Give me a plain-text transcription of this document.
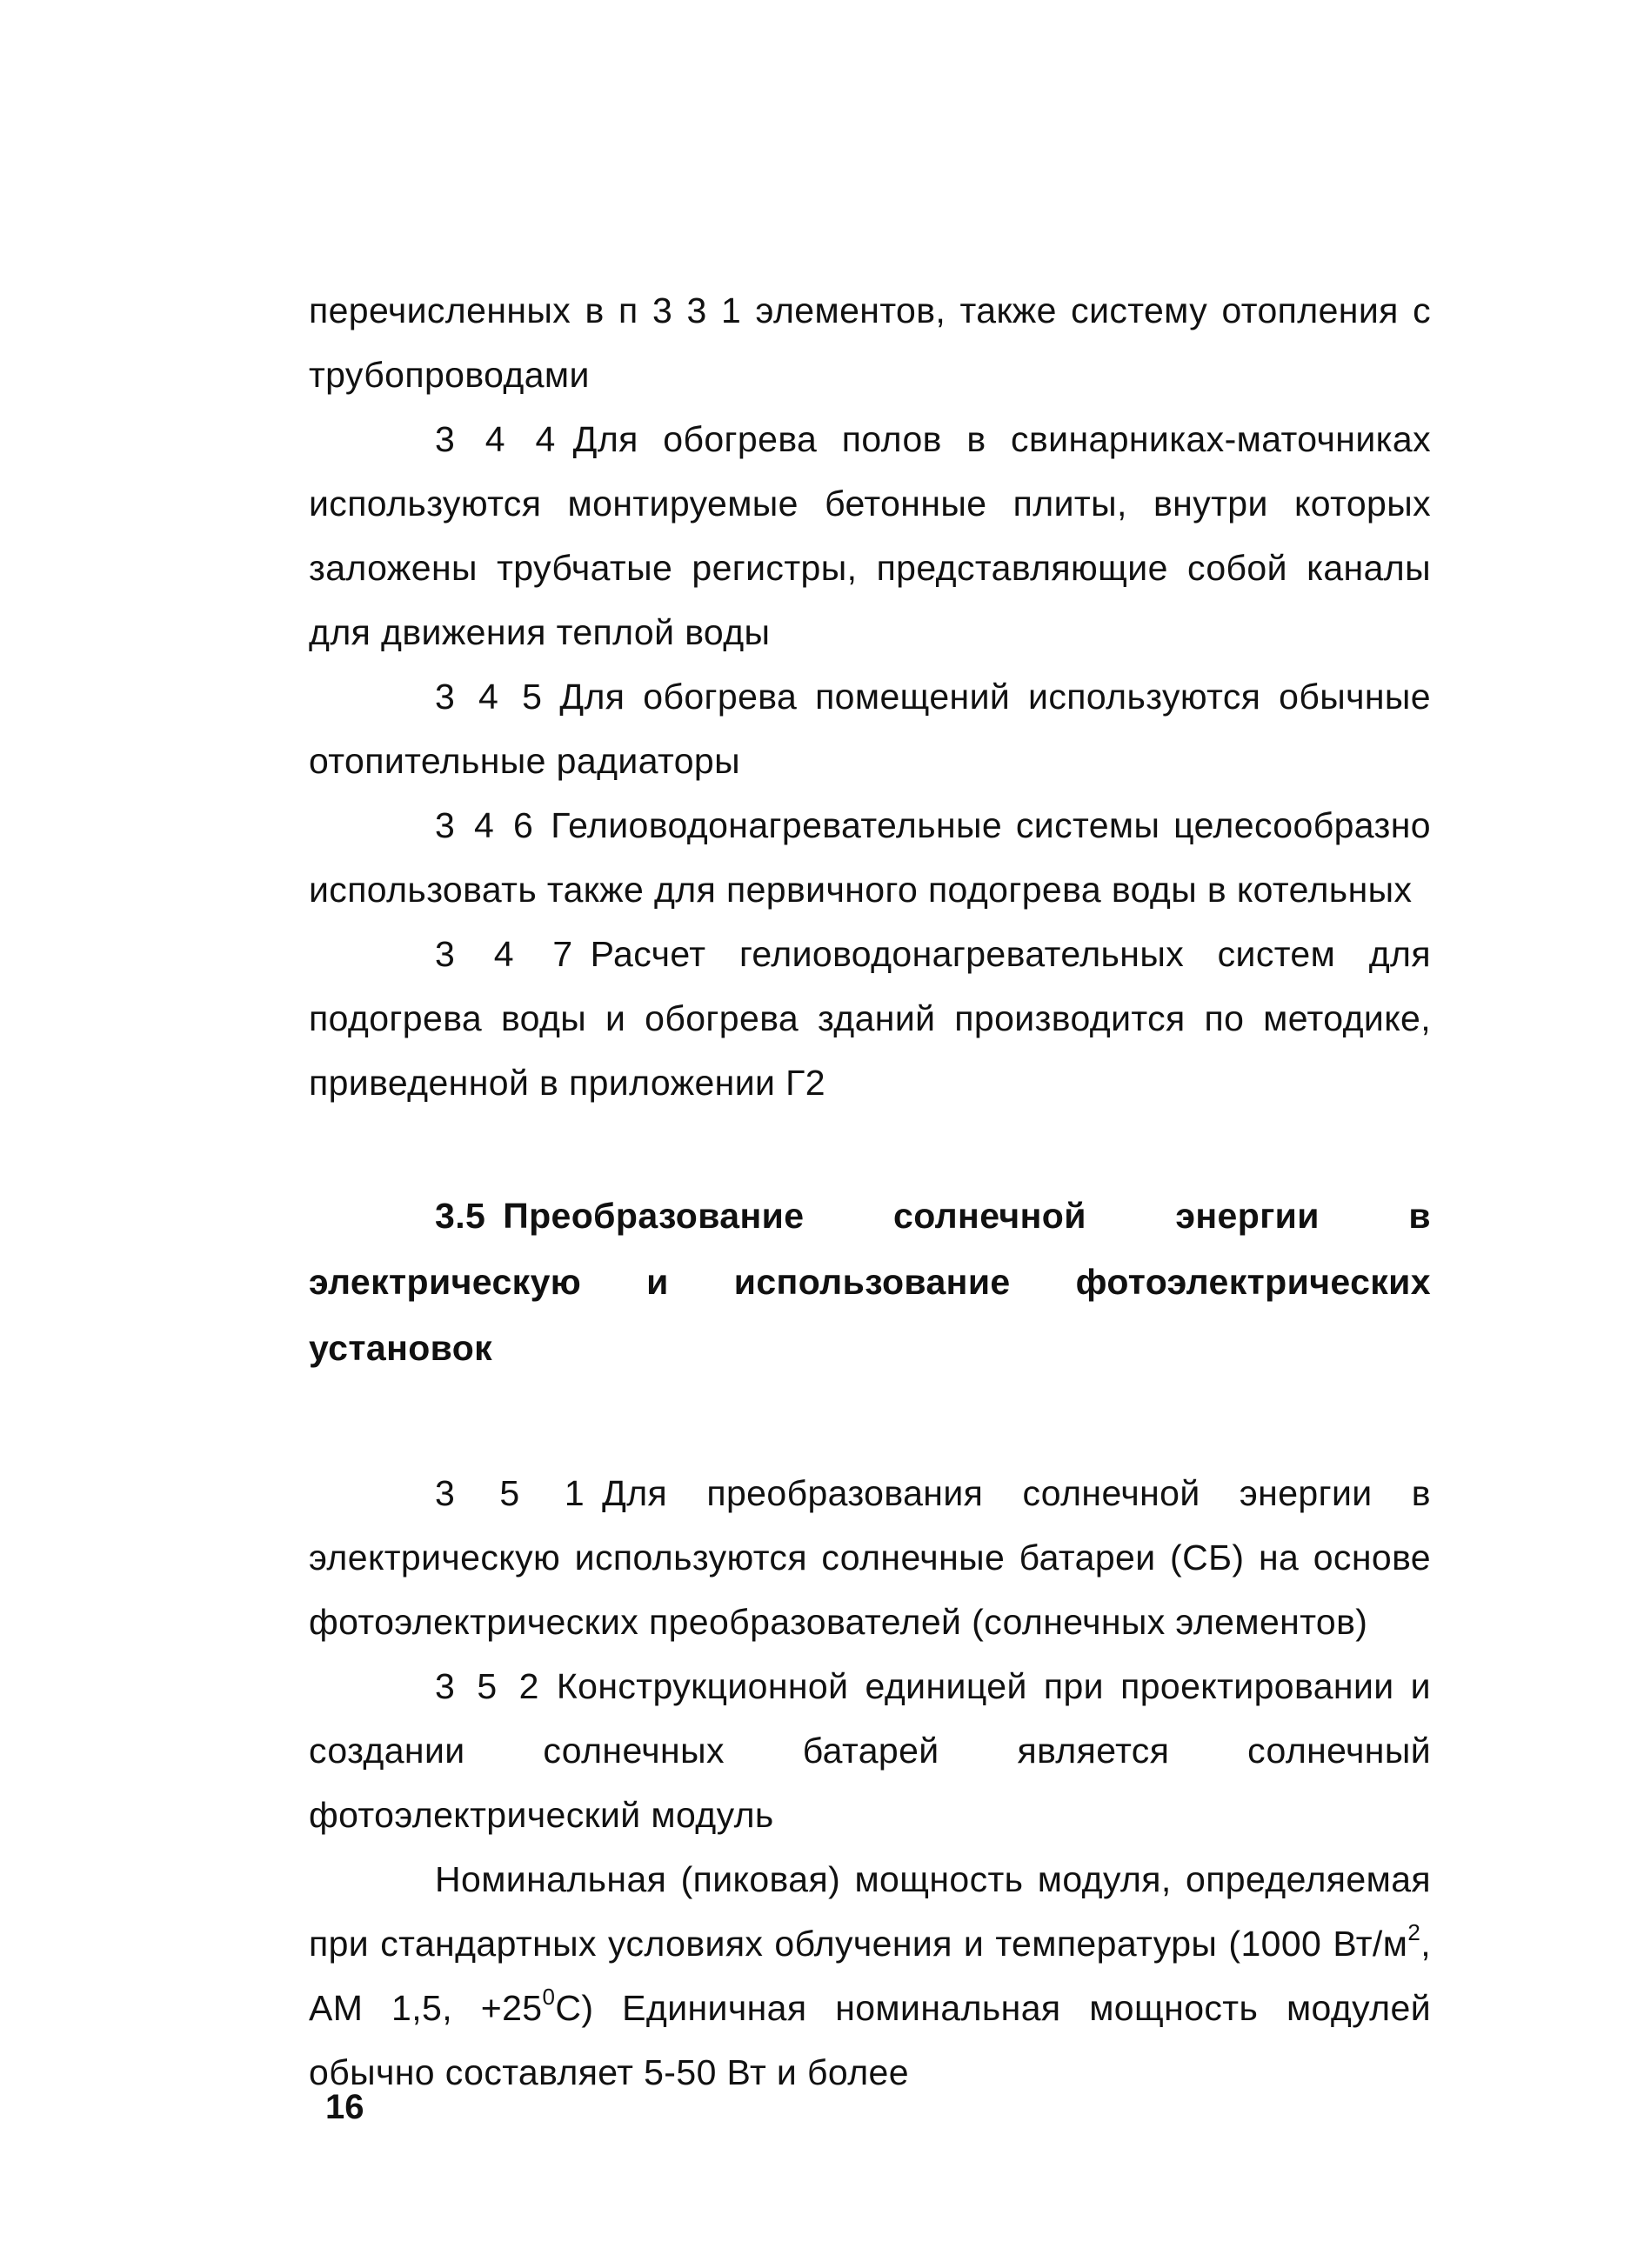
перечисленных в п 3 3 1 элементов, также систему отопления с трубопроводами

3 4 4 Для обогрева полов в свинарниках-маточниках используются монтируемые бетонные плиты, внутри которых заложены трубчатые регистры, представляющие собой каналы для движения теплой воды

3 4 5 Для обогрева помещений используются обычные отопительные радиаторы

3 4 6 Гелиоводонагревательные системы целесообразно использовать также для первичного подогрева воды в котельных

3 4 7 Расчет гелиоводонагревательных систем для подогрева воды и обогрева зданий производится по методике, приведенной в приложении Г2

3.5 Преобразование солнечной энергии в электрическую и использование фотоэлектрических установок

3 5 1 Для преобразования солнечной энергии в электрическую используются солнечные батареи (СБ) на основе фотоэлектрических преобразователей (солнечных элементов)

3 5 2 Конструкционной единицей при проектировании и создании солнечных батарей является солнечный фотоэлектрический модуль

Номинальная (пиковая) мощность модуля, определяемая при стандартных условиях облучения и температуры (1000 $Вт/м^2$, АМ 1,5, $+25^0С$) Единичная номинальная мощность модулей обычно составляет 5-50 Вт и более

16
